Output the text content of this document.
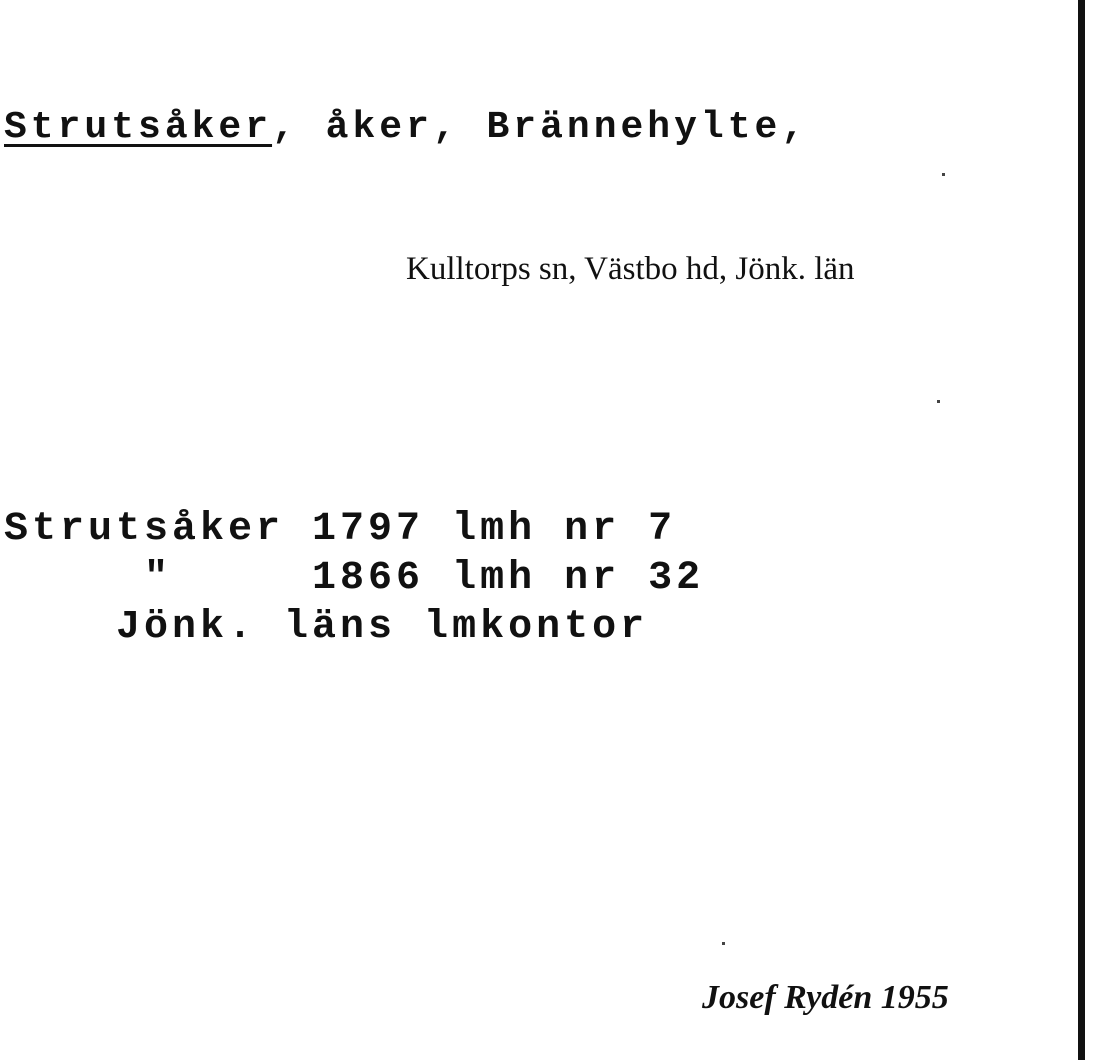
Strutsåker, åker, Brännehylte,
Kulltorps sn, Västbo hd, Jönk. län
Strutsåker 1797 lmh nr 7
"     1866 lmh nr 32
Jönk. läns lmkontor
Josef Rydén 1955
